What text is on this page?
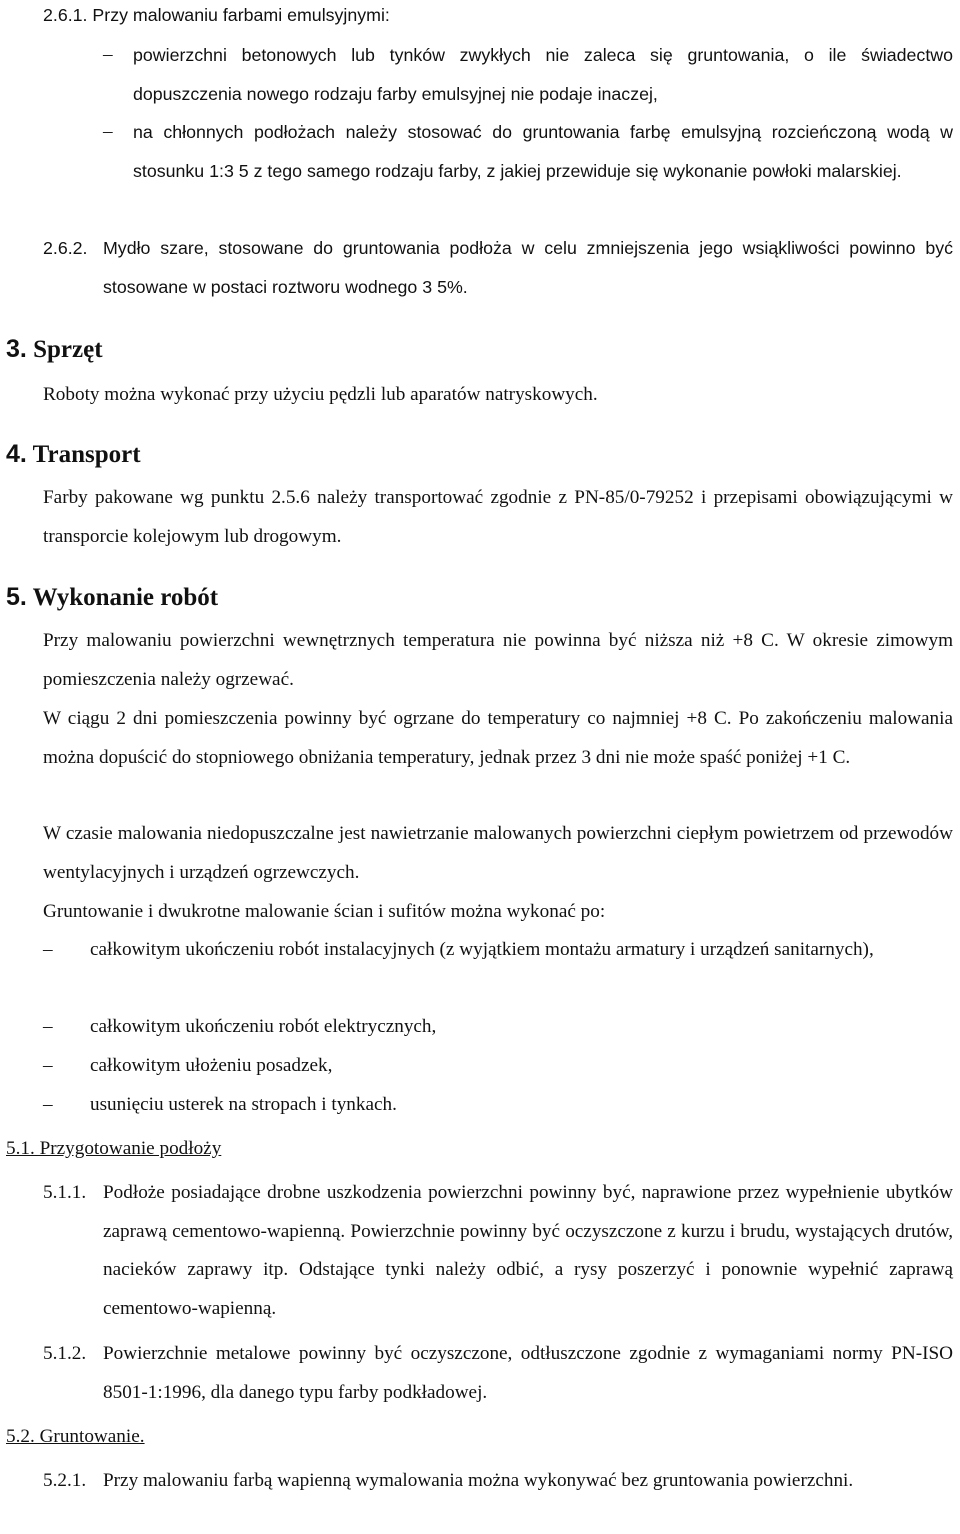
2.6.1. Przy malowaniu farbami emulsyjnymi:
– powierzchni betonowych lub tynków zwykłych nie zaleca się gruntowania, o ile świadectwo dopuszczenia nowego rodzaju farby emulsyjnej nie podaje inaczej,
– na chłonnych podłożach należy stosować do gruntowania farbę emulsyjną rozcieńczoną wodą w stosunku 1:3 5 z tego samego rodzaju farby, z jakiej przewiduje się wykonanie powłoki malarskiej.
2.6.2. Mydło szare, stosowane do gruntowania podłoża w celu zmniejszenia jego wsiąkliwości powinno być stosowane w postaci roztworu wodnego 3 5%.
3. Sprzęt
Roboty można wykonać przy użyciu pędzli lub aparatów natryskowych.
4. Transport
Farby pakowane wg punktu 2.5.6 należy transportować zgodnie z PN-85/0-79252 i przepisami obowiązującymi w transporcie kolejowym lub drogowym.
5. Wykonanie robót
Przy malowaniu powierzchni wewnętrznych temperatura nie powinna być niższa niż +8 C. W okresie zimowym pomieszczenia należy ogrzewać.
W ciągu 2 dni pomieszczenia powinny być ogrzane do temperatury co najmniej +8 C. Po zakończeniu malowania można dopuścić do stopniowego obniżania temperatury, jednak przez 3 dni nie może spaść poniżej +1 C.
W czasie malowania niedopuszczalne jest nawietrzanie malowanych powierzchni ciepłym powietrzem od przewodów wentylacyjnych i urządzeń ogrzewczych.
Gruntowanie i dwukrotne malowanie ścian i sufitów można wykonać po:
– całkowitym ukończeniu robót instalacyjnych (z wyjątkiem montażu armatury i urządzeń sanitarnych),
– całkowitym ukończeniu robót elektrycznych,
– całkowitym ułożeniu posadzek,
– usunięciu usterek na stropach i tynkach.
5.1. Przygotowanie podłoży
5.1.1. Podłoże posiadające drobne uszkodzenia powierzchni powinny być, naprawione przez wypełnienie ubytków zaprawą cementowo-wapienną. Powierzchnie powinny być oczyszczone z kurzu i brudu, wystających drutów, nacieków zaprawy itp. Odstające tynki należy odbić, a rysy poszerzyć i ponownie wypełnić zaprawą cementowo-wapienną.
5.1.2. Powierzchnie metalowe powinny być oczyszczone, odtłuszczone zgodnie z wymaganiami normy PN-ISO 8501-1:1996, dla danego typu farby podkładowej.
5.2. Gruntowanie.
5.2.1. Przy malowaniu farbą wapienną wymalowania można wykonywać bez gruntowania powierzchni.
